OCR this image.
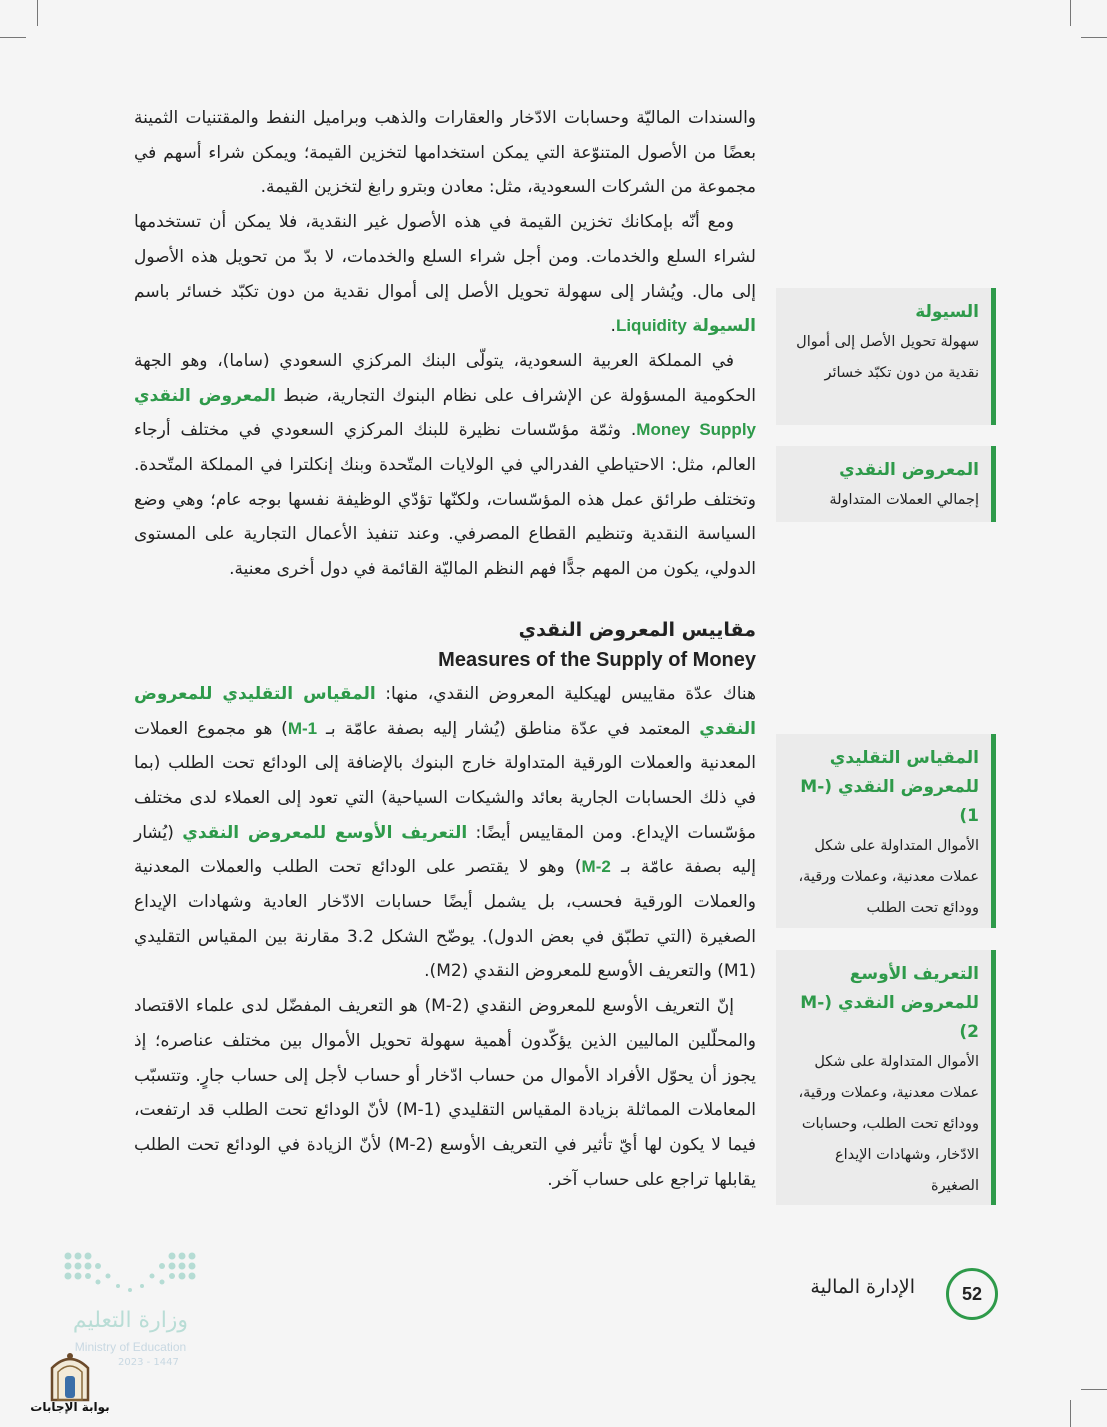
والسندات الماليّة وحسابات الادّخار والعقارات والذهب وبراميل النفط والمقتنيات الثمينة بعضًا من الأصول المتنوّعة التي يمكن استخدامها لتخزين القيمة؛ ويمكن شراء أسهم في مجموعة من الشركات السعودية، مثل: معادن وبترو رابغ لتخزين القيمة.

ومع أنّه بإمكانك تخزين القيمة في هذه الأصول غير النقدية، فلا يمكن أن تستخدمها لشراء السلع والخدمات. ومن أجل شراء السلع والخدمات، لا بدّ من تحويل هذه الأصول إلى مال. ويُشار إلى سهولة تحويل الأصل إلى أموال نقدية من دون تكبّد خسائر باسم السيولة Liquidity.

في المملكة العربية السعودية، يتولّى البنك المركزي السعودي (ساما)، وهو الجهة الحكومية المسؤولة عن الإشراف على نظام البنوك التجارية، ضبط المعروض النقدي Money Supply. وثمّة مؤسّسات نظيرة للبنك المركزي السعودي في مختلف أرجاء العالم، مثل: الاحتياطي الفدرالي في الولايات المتّحدة وبنك إنكلترا في المملكة المتّحدة. وتختلف طرائق عمل هذه المؤسّسات، ولكنّها تؤدّي الوظيفة نفسها بوجه عام؛ وهي وضع السياسة النقدية وتنظيم القطاع المصرفي. وعند تنفيذ الأعمال التجارية على المستوى الدولي، يكون من المهم جدًّا فهم النظم الماليّة القائمة في دول أخرى معنية.

مقاييس المعروض النقدي
Measures of the Supply of Money

هناك عدّة مقاييس لهيكلية المعروض النقدي، منها: المقياس التقليدي للمعروض النقدي المعتمد في عدّة مناطق (يُشار إليه بصفة عامّة بـ M-1) هو مجموع العملات المعدنية والعملات الورقية المتداولة خارج البنوك بالإضافة إلى الودائع تحت الطلب (بما في ذلك الحسابات الجارية بعائد والشيكات السياحية) التي تعود إلى العملاء لدى مختلف مؤسّسات الإيداع. ومن المقاييس أيضًا: التعريف الأوسع للمعروض النقدي (يُشار إليه بصفة عامّة بـ M-2) وهو لا يقتصر على الودائع تحت الطلب والعملات المعدنية والعملات الورقية فحسب، بل يشمل أيضًا حسابات الادّخار العادية وشهادات الإيداع الصغيرة (التي تطبّق في بعض الدول). يوضّح الشكل 3.2 مقارنة بين المقياس التقليدي (M1) والتعريف الأوسع للمعروض النقدي (M2).

إنّ التعريف الأوسع للمعروض النقدي (M-2) هو التعريف المفضّل لدى علماء الاقتصاد والمحلّلين الماليين الذين يؤكّدون أهمية سهولة تحويل الأموال بين مختلف عناصره؛ إذ يجوز أن يحوّل الأفراد الأموال من حساب ادّخار أو حساب لأجل إلى حساب جارٍ. وتتسبّب المعاملات المماثلة بزيادة المقياس التقليدي (M-1) لأنّ الودائع تحت الطلب قد ارتفعت، فيما لا يكون لها أيّ تأثير في التعريف الأوسع (M-2) لأنّ الزيادة في الودائع تحت الطلب يقابلها تراجع على حساب آخر.

السيولة
سهولة تحويل الأصل إلى أموال نقدية من دون تكبّد خسائر
المعروض النقدي
إجمالي العملات المتداولة
المقياس التقليدي للمعروض النقدي (M-1)
الأموال المتداولة على شكل عملات معدنية، وعملات ورقية، وودائع تحت الطلب
التعريف الأوسع للمعروض النقدي (M-2)
الأموال المتداولة على شكل عملات معدنية، وعملات ورقية، وودائع تحت الطلب، وحسابات الادّخار، وشهادات الإيداع الصغيرة
52
الإدارة المالية
وزارة التعليم
Ministry of Education
2023 - 1447
بوابة الإجابات
